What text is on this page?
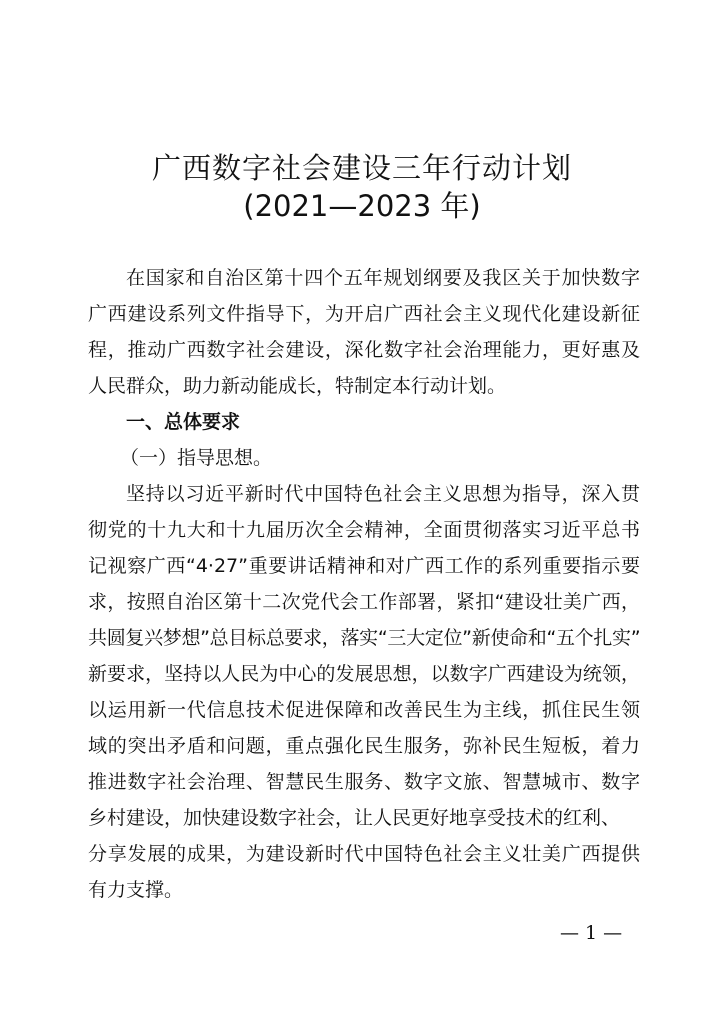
广西数字社会建设三年行动计划
(2021—2023 年)
在国家和自治区第十四个五年规划纲要及我区关于加快数字
广西建设系列文件指导下，为开启广西社会主义现代化建设新征
程，推动广西数字社会建设，深化数字社会治理能力，更好惠及
人民群众，助力新动能成长，特制定本行动计划。
一、总体要求
（一）指导思想。
坚持以习近平新时代中国特色社会主义思想为指导，深入贯
彻党的十九大和十九届历次全会精神，全面贯彻落实习近平总书
记视察广西“4·27”重要讲话精神和对广西工作的系列重要指示要
求，按照自治区第十二次党代会工作部署，紧扣“建设壮美广西，
共圆复兴梦想”总目标总要求，落实“三大定位”新使命和“五个扎实”
新要求，坚持以人民为中心的发展思想，以数字广西建设为统领，
以运用新一代信息技术促进保障和改善民生为主线，抓住民生领
域的突出矛盾和问题，重点强化民生服务，弥补民生短板，着力
推进数字社会治理、智慧民生服务、数字文旅、智慧城市、数字
乡村建设，加快建设数字社会，让人民更好地享受技术的红利、
分享发展的成果，为建设新时代中国特色社会主义壮美广西提供
有力支撑。
— 1 —
